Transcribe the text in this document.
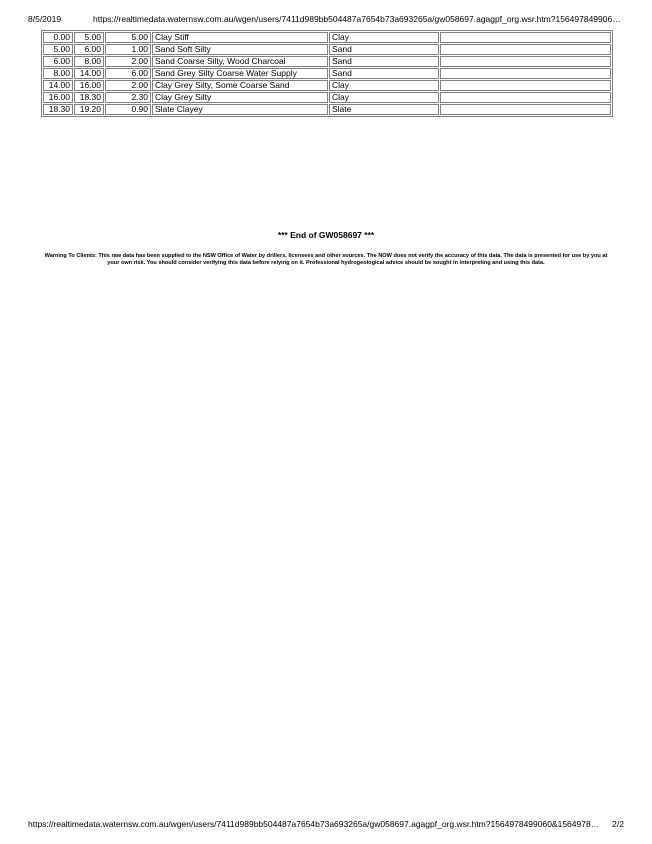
8/5/2019	https://realtimedata.waternsw.com.au/wgen/users/7411d989bb504487a7654b73a693265a/gw058697.agagpf_org.wsr.htm?156497849906…
0.00	5.00	5.00	Clay Stiff	Clay	
5.00	6.00	1.00	Sand Soft Silty	Sand	
6.00	8.00	2.00	Sand Coarse Silty, Wood Charcoal	Sand	
8.00	14.00	6.00	Sand Grey Silty Coarse Water Supply	Sand	
14.00	16.00	2.00	Clay Grey Silty, Some Coarse Sand	Clay	
16.00	18.30	2.30	Clay Grey Silty	Clay	
18.30	19.20	0.90	Slate Clayey	Slate	
*** End of GW058697 ***
Warning To Clients: This raw data has been supplied to the NSW Office of Water by drillers, licensees and other sources. The NOW does not verify the accuracy of this data. The data is presented for use by you at your own risk. You should consider verifying this data before relying on it. Professional hydrogeological advice should be sought in interpreting and using this data.
https://realtimedata.waternsw.com.au/wgen/users/7411d989bb504487a7654b73a693265a/gw058697.agagpf_org.wsr.htm?1564978499060&1564978…	2/2
